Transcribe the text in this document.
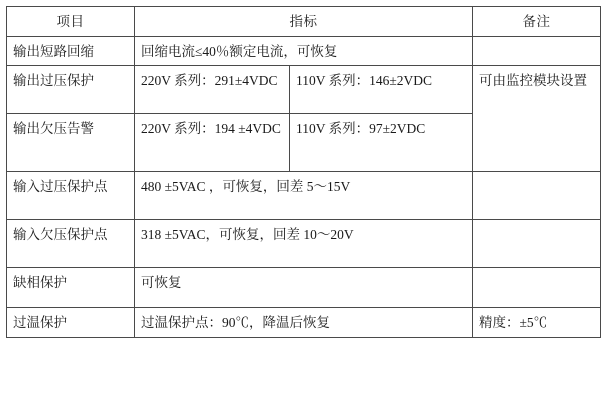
项目	指标		备注
输出短路回缩	回缩电流≤40％额定电流，可恢复		
输出过压保护	220V 系列：291±4VDC	110V 系列：146±2VDC	可由监控模块设置
输出欠压告警	220V 系列：194 ±4VDC	110V 系列：97±2VDC	
输入过压保护点	480 ±5VAC ，可恢复，回差 5～15V		
输入欠压保护点	318 ±5VAC，可恢复，回差 10～20V		
缺相保护	可恢复		
过温保护	过温保护点：90℃，降温后恢复		精度：±5℃
